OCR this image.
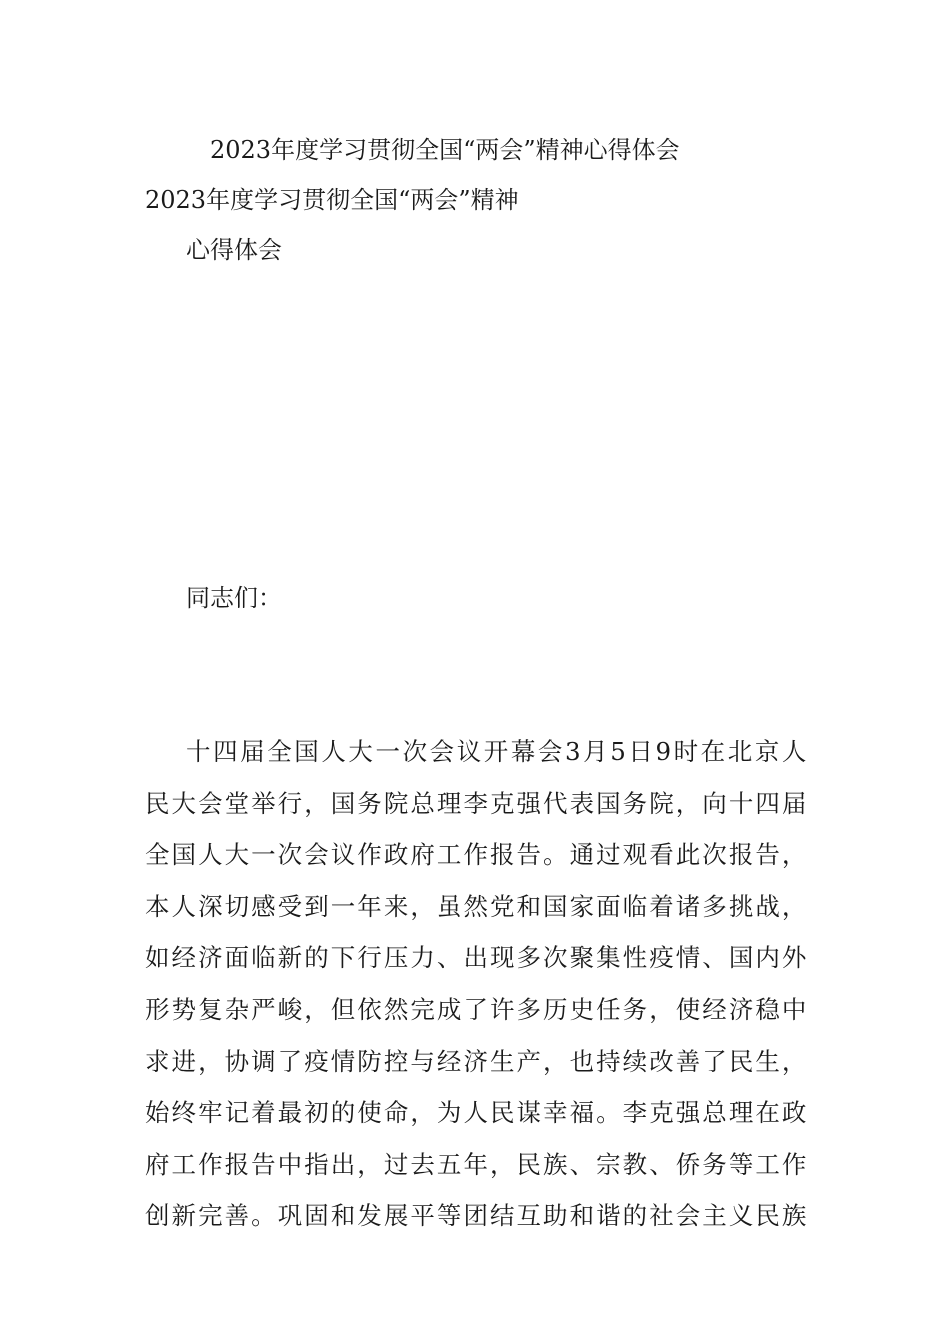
2023年度学习贯彻全国“两会”精神心得体会
2023年度学习贯彻全国“两会”精神
心得体会
同志们：
十四届全国人大一次会议开幕会3月5日9时在北京人
民大会堂举行，国务院总理李克强代表国务院，向十四届
全国人大一次会议作政府工作报告。通过观看此次报告，
本人深切感受到一年来，虽然党和国家面临着诸多挑战，
如经济面临新的下行压力、出现多次聚集性疫情、国内外
形势复杂严峻，但依然完成了许多历史任务，使经济稳中
求进，协调了疫情防控与经济生产，也持续改善了民生，
始终牢记着最初的使命，为人民谋幸福。李克强总理在政
府工作报告中指出，过去五年，民族、宗教、侨务等工作
创新完善。巩固和发展平等团结互助和谐的社会主义民族
